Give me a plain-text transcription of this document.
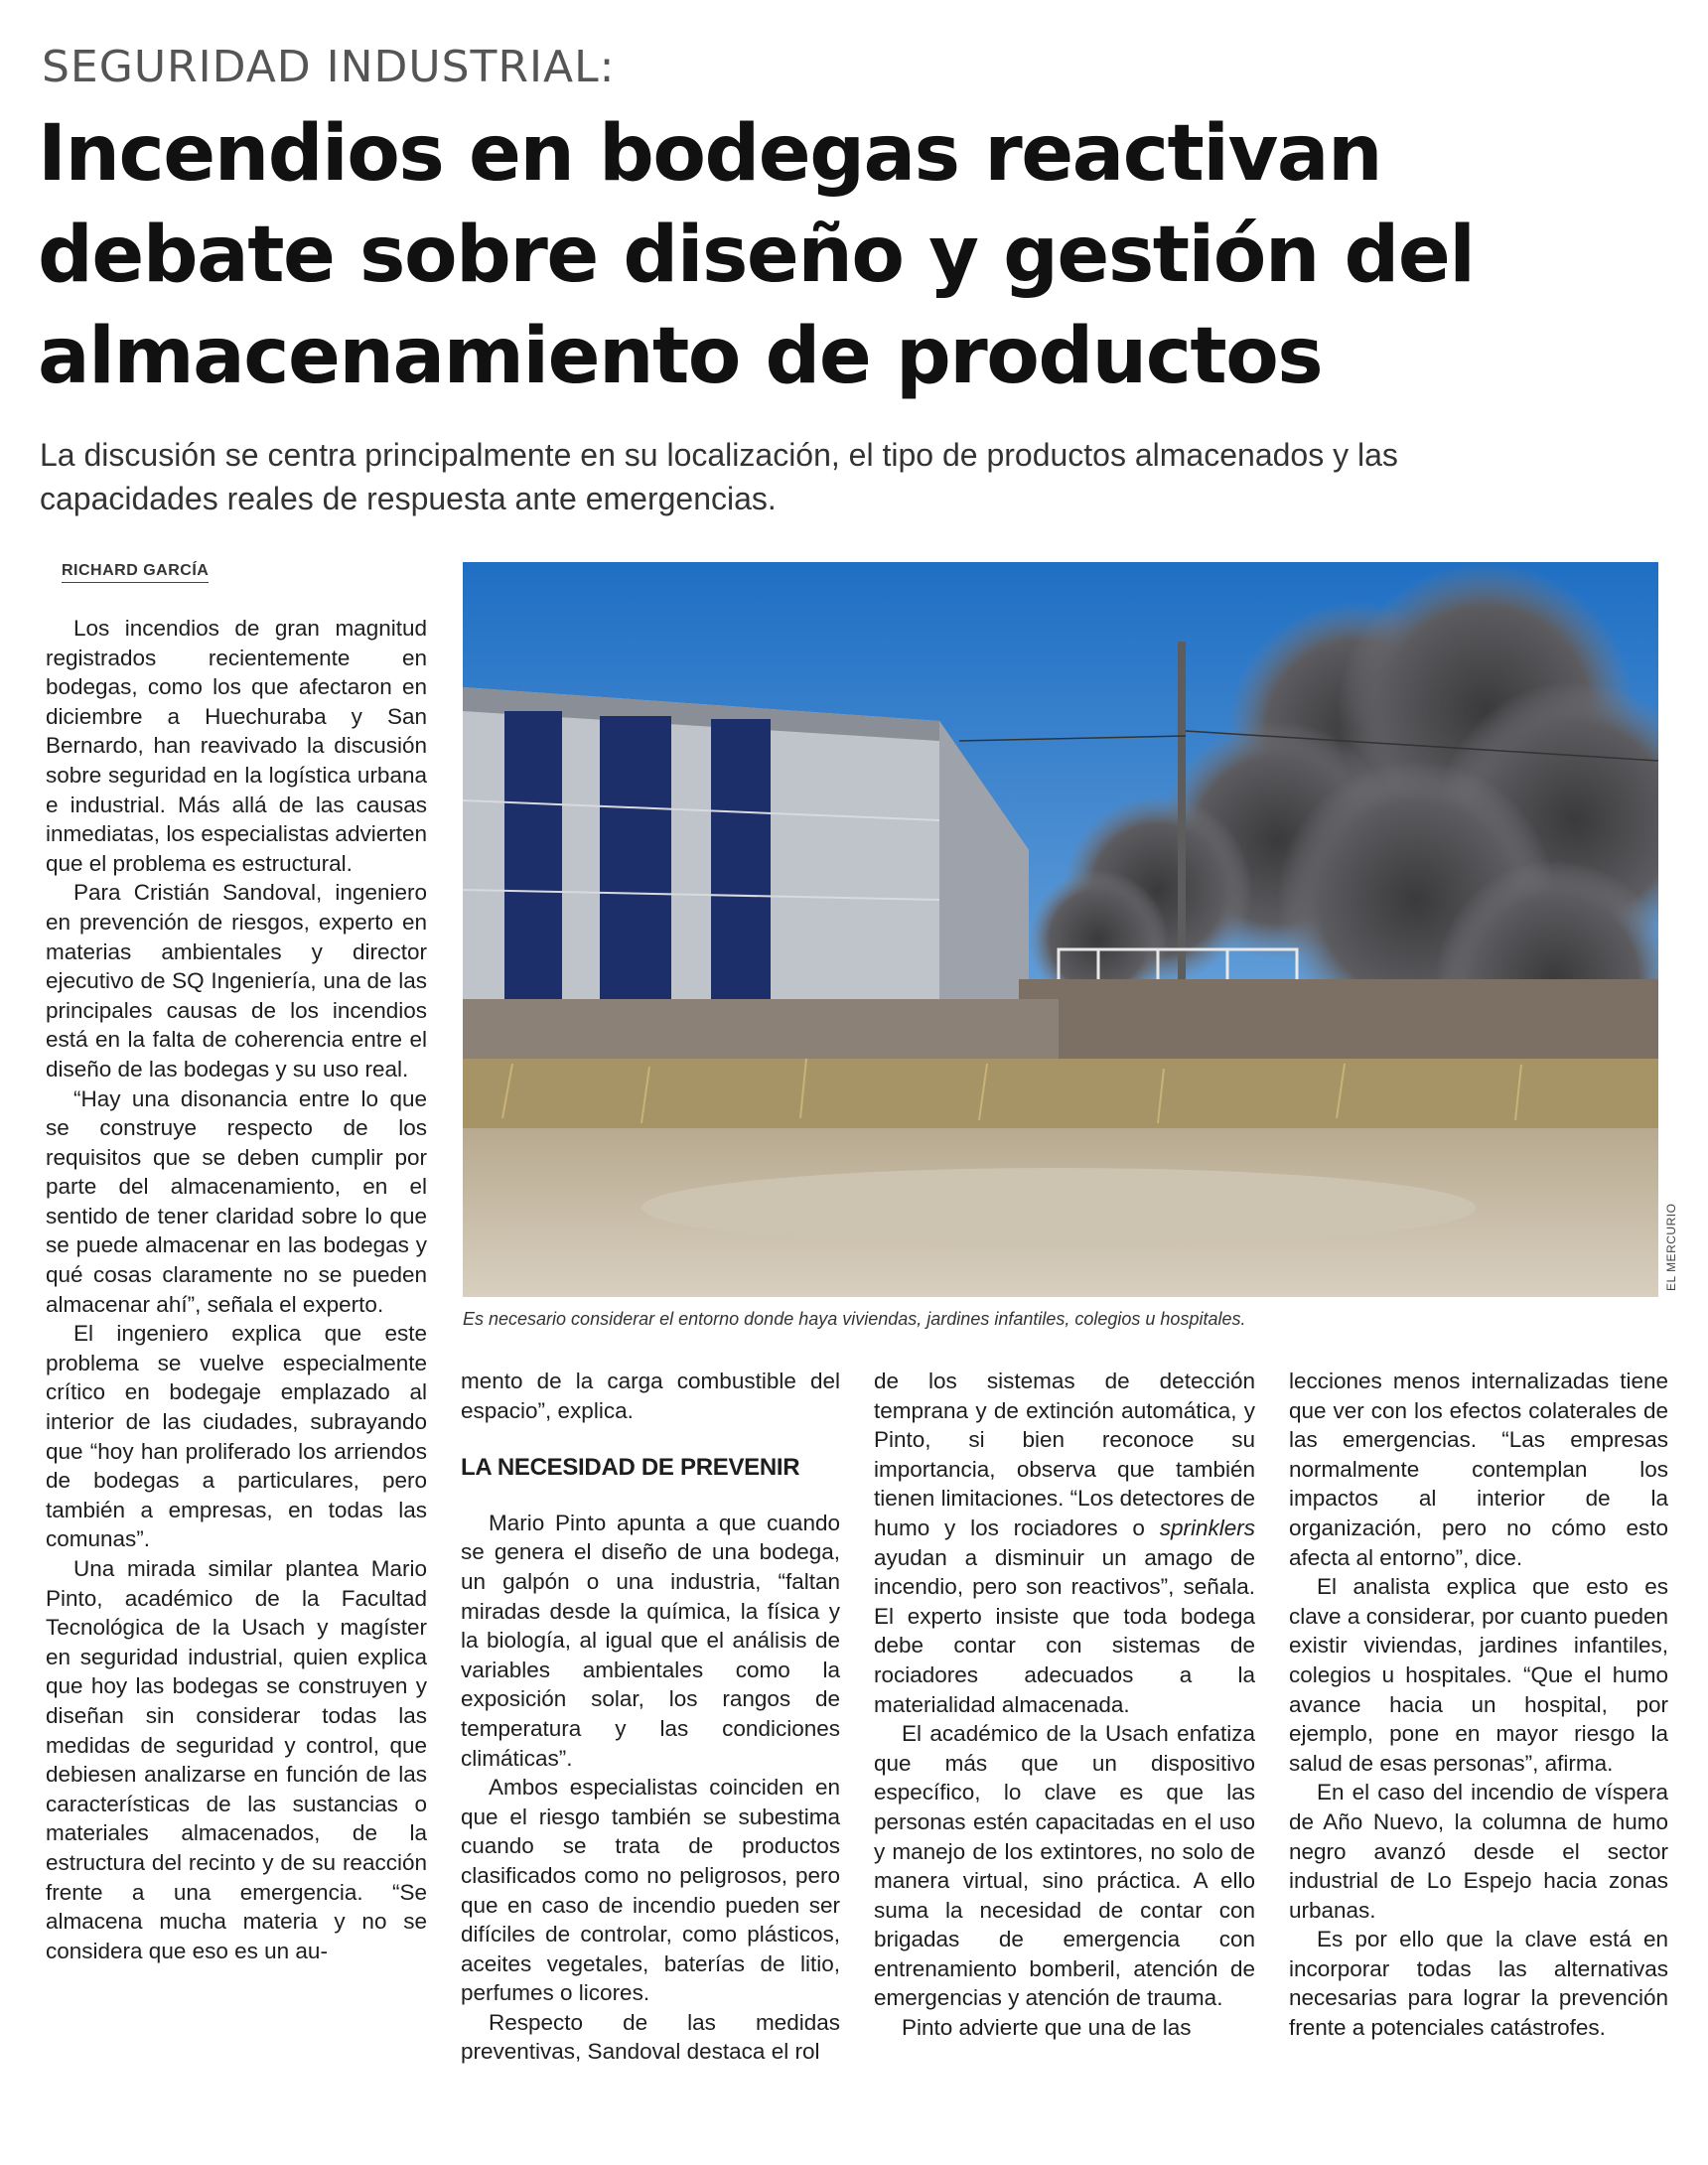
SEGURIDAD INDUSTRIAL:
Incendios en bodegas reactivan
debate sobre diseño y gestión del
almacenamiento de productos
La discusión se centra principalmente en su localización, el tipo de productos almacenados y las
capacidades reales de respuesta ante emergencias.
RICHARD GARCÍA

Los incendios de gran magnitud registrados recientemente en bodegas, como los que afectaron en diciembre a Huechuraba y San Bernardo, han reavivado la discusión sobre seguridad en la logística urbana e industrial. Más allá de las causas inmediatas, los especialistas advierten que el problema es estructural.

Para Cristián Sandoval, ingeniero en prevención de riesgos, experto en materias ambientales y director ejecutivo de SQ Ingeniería, una de las principales causas de los incendios está en la falta de coherencia entre el diseño de las bodegas y su uso real.

“Hay una disonancia entre lo que se construye respecto de los requisitos que se deben cumplir por parte del almacenamiento, en el sentido de tener claridad sobre lo que se puede almacenar en las bodegas y qué cosas claramente no se pueden almacenar ahí”, señala el experto.

El ingeniero explica que este problema se vuelve especialmente crítico en bodegaje emplazado al interior de las ciudades, subrayando que “hoy han proliferado los arriendos de bodegas a particulares, pero también a empresas, en todas las comunas”.

Una mirada similar plantea Mario Pinto, académico de la Facultad Tecnológica de la Usach y magíster en seguridad industrial, quien explica que hoy las bodegas se construyen y diseñan sin considerar todas las medidas de seguridad y control, que debiesen analizarse en función de las características de las sustancias o materiales almacenados, de la estructura del recinto y de su reacción frente a una emergencia. “Se almacena mucha materia y no se considera que eso es un au-

EL MERCURIO
Es necesario considerar el entorno donde haya viviendas, jardines infantiles, colegios u hospitales.

mento de la carga combustible del espacio”, explica.

LA NECESIDAD DE PREVENIR

Mario Pinto apunta a que cuando se genera el diseño de una bodega, un galpón o una industria, “faltan miradas desde la química, la física y la biología, al igual que el análisis de variables ambientales como la exposición solar, los rangos de temperatura y las condiciones climáticas”.

Ambos especialistas coinciden en que el riesgo también se subestima cuando se trata de productos clasificados como no peligrosos, pero que en caso de incendio pueden ser difíciles de controlar, como plásticos, aceites vegetales, baterías de litio, perfumes o licores.

Respecto de las medidas preventivas, Sandoval destaca el rol

de los sistemas de detección temprana y de extinción automática, y Pinto, si bien reconoce su importancia, observa que también tienen limitaciones. “Los detectores de humo y los rociadores o sprinklers ayudan a disminuir un amago de incendio, pero son reactivos”, señala. El experto insiste que toda bodega debe contar con sistemas de rociadores adecuados a la materialidad almacenada.

El académico de la Usach enfatiza que más que un dispositivo específico, lo clave es que las personas estén capacitadas en el uso y manejo de los extintores, no solo de manera virtual, sino práctica. A ello suma la necesidad de contar con brigadas de emergencia con entrenamiento bomberil, atención de emergencias y atención de trauma.

Pinto advierte que una de las

lecciones menos internalizadas tiene que ver con los efectos colaterales de las emergencias. “Las empresas normalmente contemplan los impactos al interior de la organización, pero no cómo esto afecta al entorno”, dice.

El analista explica que esto es clave a considerar, por cuanto pueden existir viviendas, jardines infantiles, colegios u hospitales. “Que el humo avance hacia un hospital, por ejemplo, pone en mayor riesgo la salud de esas personas”, afirma.

En el caso del incendio de víspera de Año Nuevo, la columna de humo negro avanzó desde el sector industrial de Lo Espejo hacia zonas urbanas.

Es por ello que la clave está en incorporar todas las alternativas necesarias para lograr la prevención frente a potenciales catástrofes.
